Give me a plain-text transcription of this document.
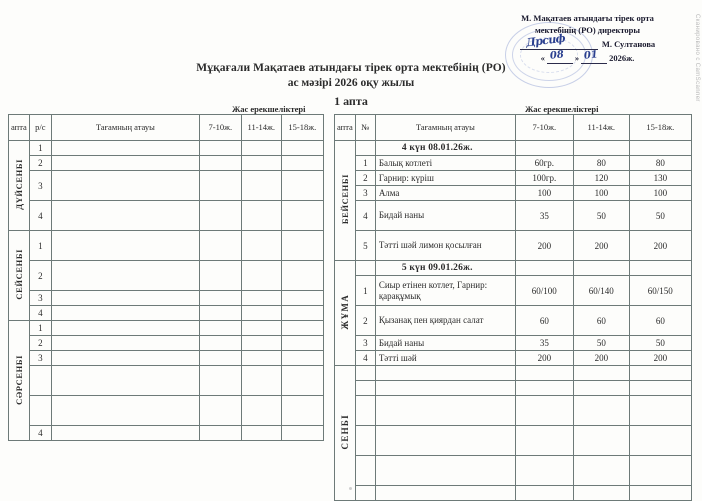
М. Мақатаев атындағы тірек орта
мектебінің (РО) директоры
Дрсиф	М. Султанова
« 08 » 01 2026ж.
Мұқағали Мақатаев атындағы тірек орта мектебінің (РО)
ас мәзірі 2026 оқу жылы
1 апта
Жас ерекшеліктері	Жас ерекшеліктері
апта	р/с	Тағамның атауы	7-10ж.	11-14ж.	15-18ж.
ДҮЙСЕНБІ	1				
	2				
	3				
	4				
СЕЙСЕНБІ	1				
	2				
	3				
	4				
СӘРСЕНБІ	1				
	2				
	3				

	4				
апта	№	Тағамның атауы	7-10ж.	11-14ж.	15-18ж.
БЕЙСЕНБІ		4 күн 08.01.26ж.			
	1	Балық котлеті	60гр.	80	80
	2	Гарнир: күріш	100гр.	120	130
	3	Алма	100	100	100
	4	Бидай наны	35	50	50
	5	Тәтті шәй лимон қосылған	200	200	200
ЖҰМА		5 күн 09.01.26ж.			
	1	Сиыр етінен котлет, Гарнир: қарақұмық	60/100	60/140	60/150
	2	Қызанақ пен қиярдан салат	60	60	60
	3	Бидай наны	35	50	50
	4	Тәтті шәй	200	200	200
СЕНБІ					

Сканировано с CamScanner
